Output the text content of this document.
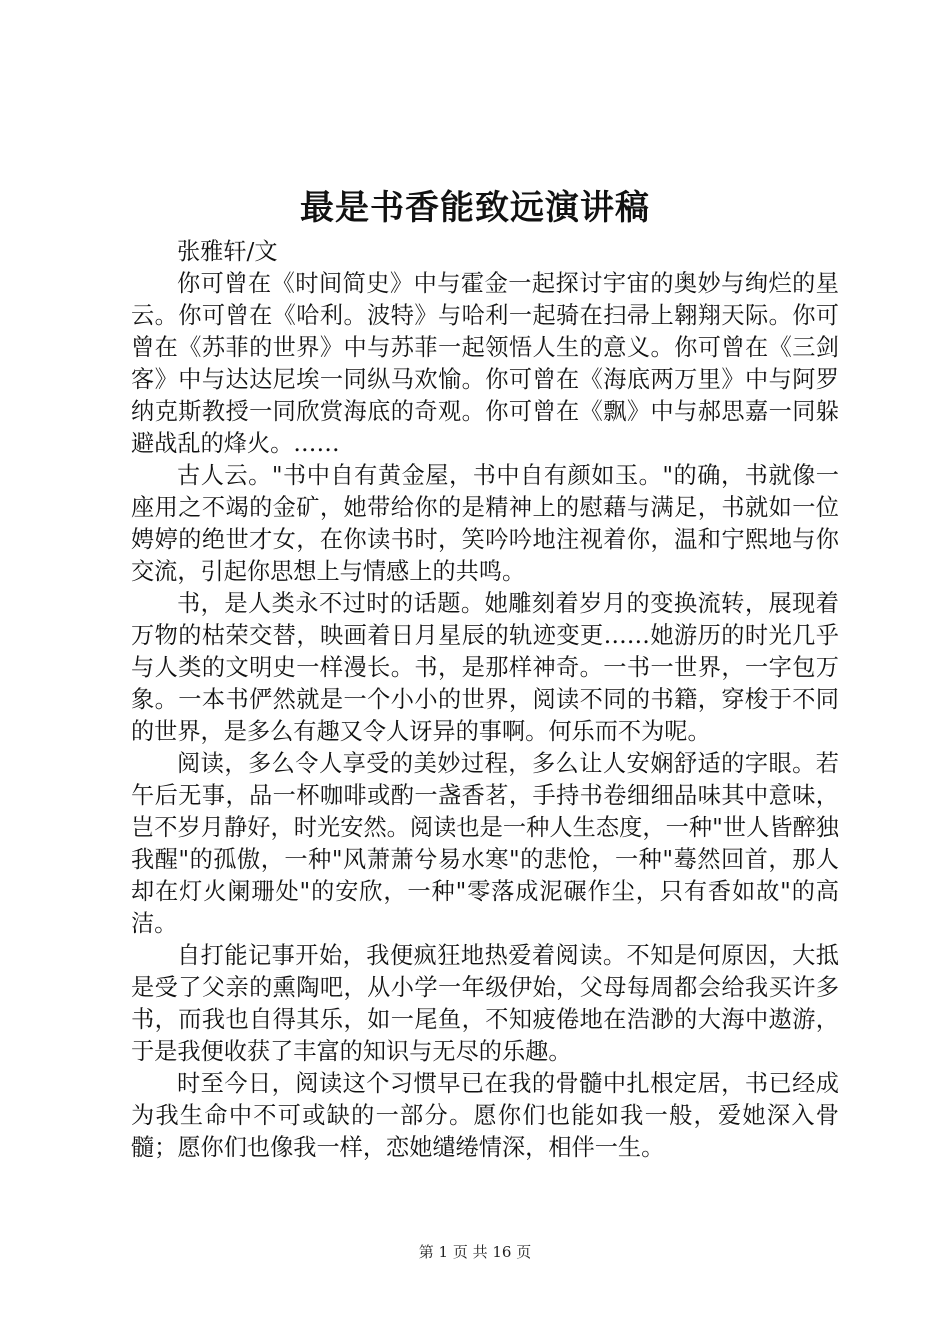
最是书香能致远演讲稿

张雅轩/文

你可曾在《时间简史》中与霍金一起探讨宇宙的奥妙与绚烂的星云。你可曾在《哈利。波特》与哈利一起骑在扫帚上翱翔天际。你可曾在《苏菲的世界》中与苏菲一起领悟人生的意义。你可曾在《三剑客》中与达达尼埃一同纵马欢愉。你可曾在《海底两万里》中与阿罗纳克斯教授一同欣赏海底的奇观。你可曾在《飘》中与郝思嘉一同躲避战乱的烽火。……

古人云。"书中自有黄金屋，书中自有颜如玉。"的确，书就像一座用之不竭的金矿，她带给你的是精神上的慰藉与满足，书就如一位娉婷的绝世才女，在你读书时，笑吟吟地注视着你，温和宁熙地与你交流，引起你思想上与情感上的共鸣。

书，是人类永不过时的话题。她雕刻着岁月的变换流转，展现着万物的枯荣交替，映画着日月星辰的轨迹变更……她游历的时光几乎与人类的文明史一样漫长。书，是那样神奇。一书一世界，一字包万象。一本书俨然就是一个小小的世界，阅读不同的书籍，穿梭于不同的世界，是多么有趣又令人讶异的事啊。何乐而不为呢。

阅读，多么令人享受的美妙过程，多么让人安娴舒适的字眼。若午后无事，品一杯咖啡或酌一盏香茗，手持书卷细细品味其中意味，岂不岁月静好，时光安然。阅读也是一种人生态度，一种"世人皆醉独我醒"的孤傲，一种"风萧萧兮易水寒"的悲怆，一种"蓦然回首，那人却在灯火阑珊处"的安欣，一种"零落成泥碾作尘，只有香如故"的高洁。

自打能记事开始，我便疯狂地热爱着阅读。不知是何原因，大抵是受了父亲的熏陶吧，从小学一年级伊始，父母每周都会给我买许多书，而我也自得其乐，如一尾鱼，不知疲倦地在浩渺的大海中遨游，于是我便收获了丰富的知识与无尽的乐趣。

时至今日，阅读这个习惯早已在我的骨髓中扎根定居，书已经成为我生命中不可或缺的一部分。愿你们也能如我一般，爱她深入骨髓；愿你们也像我一样，恋她缱绻情深，相伴一生。

第 1 页 共 16 页
